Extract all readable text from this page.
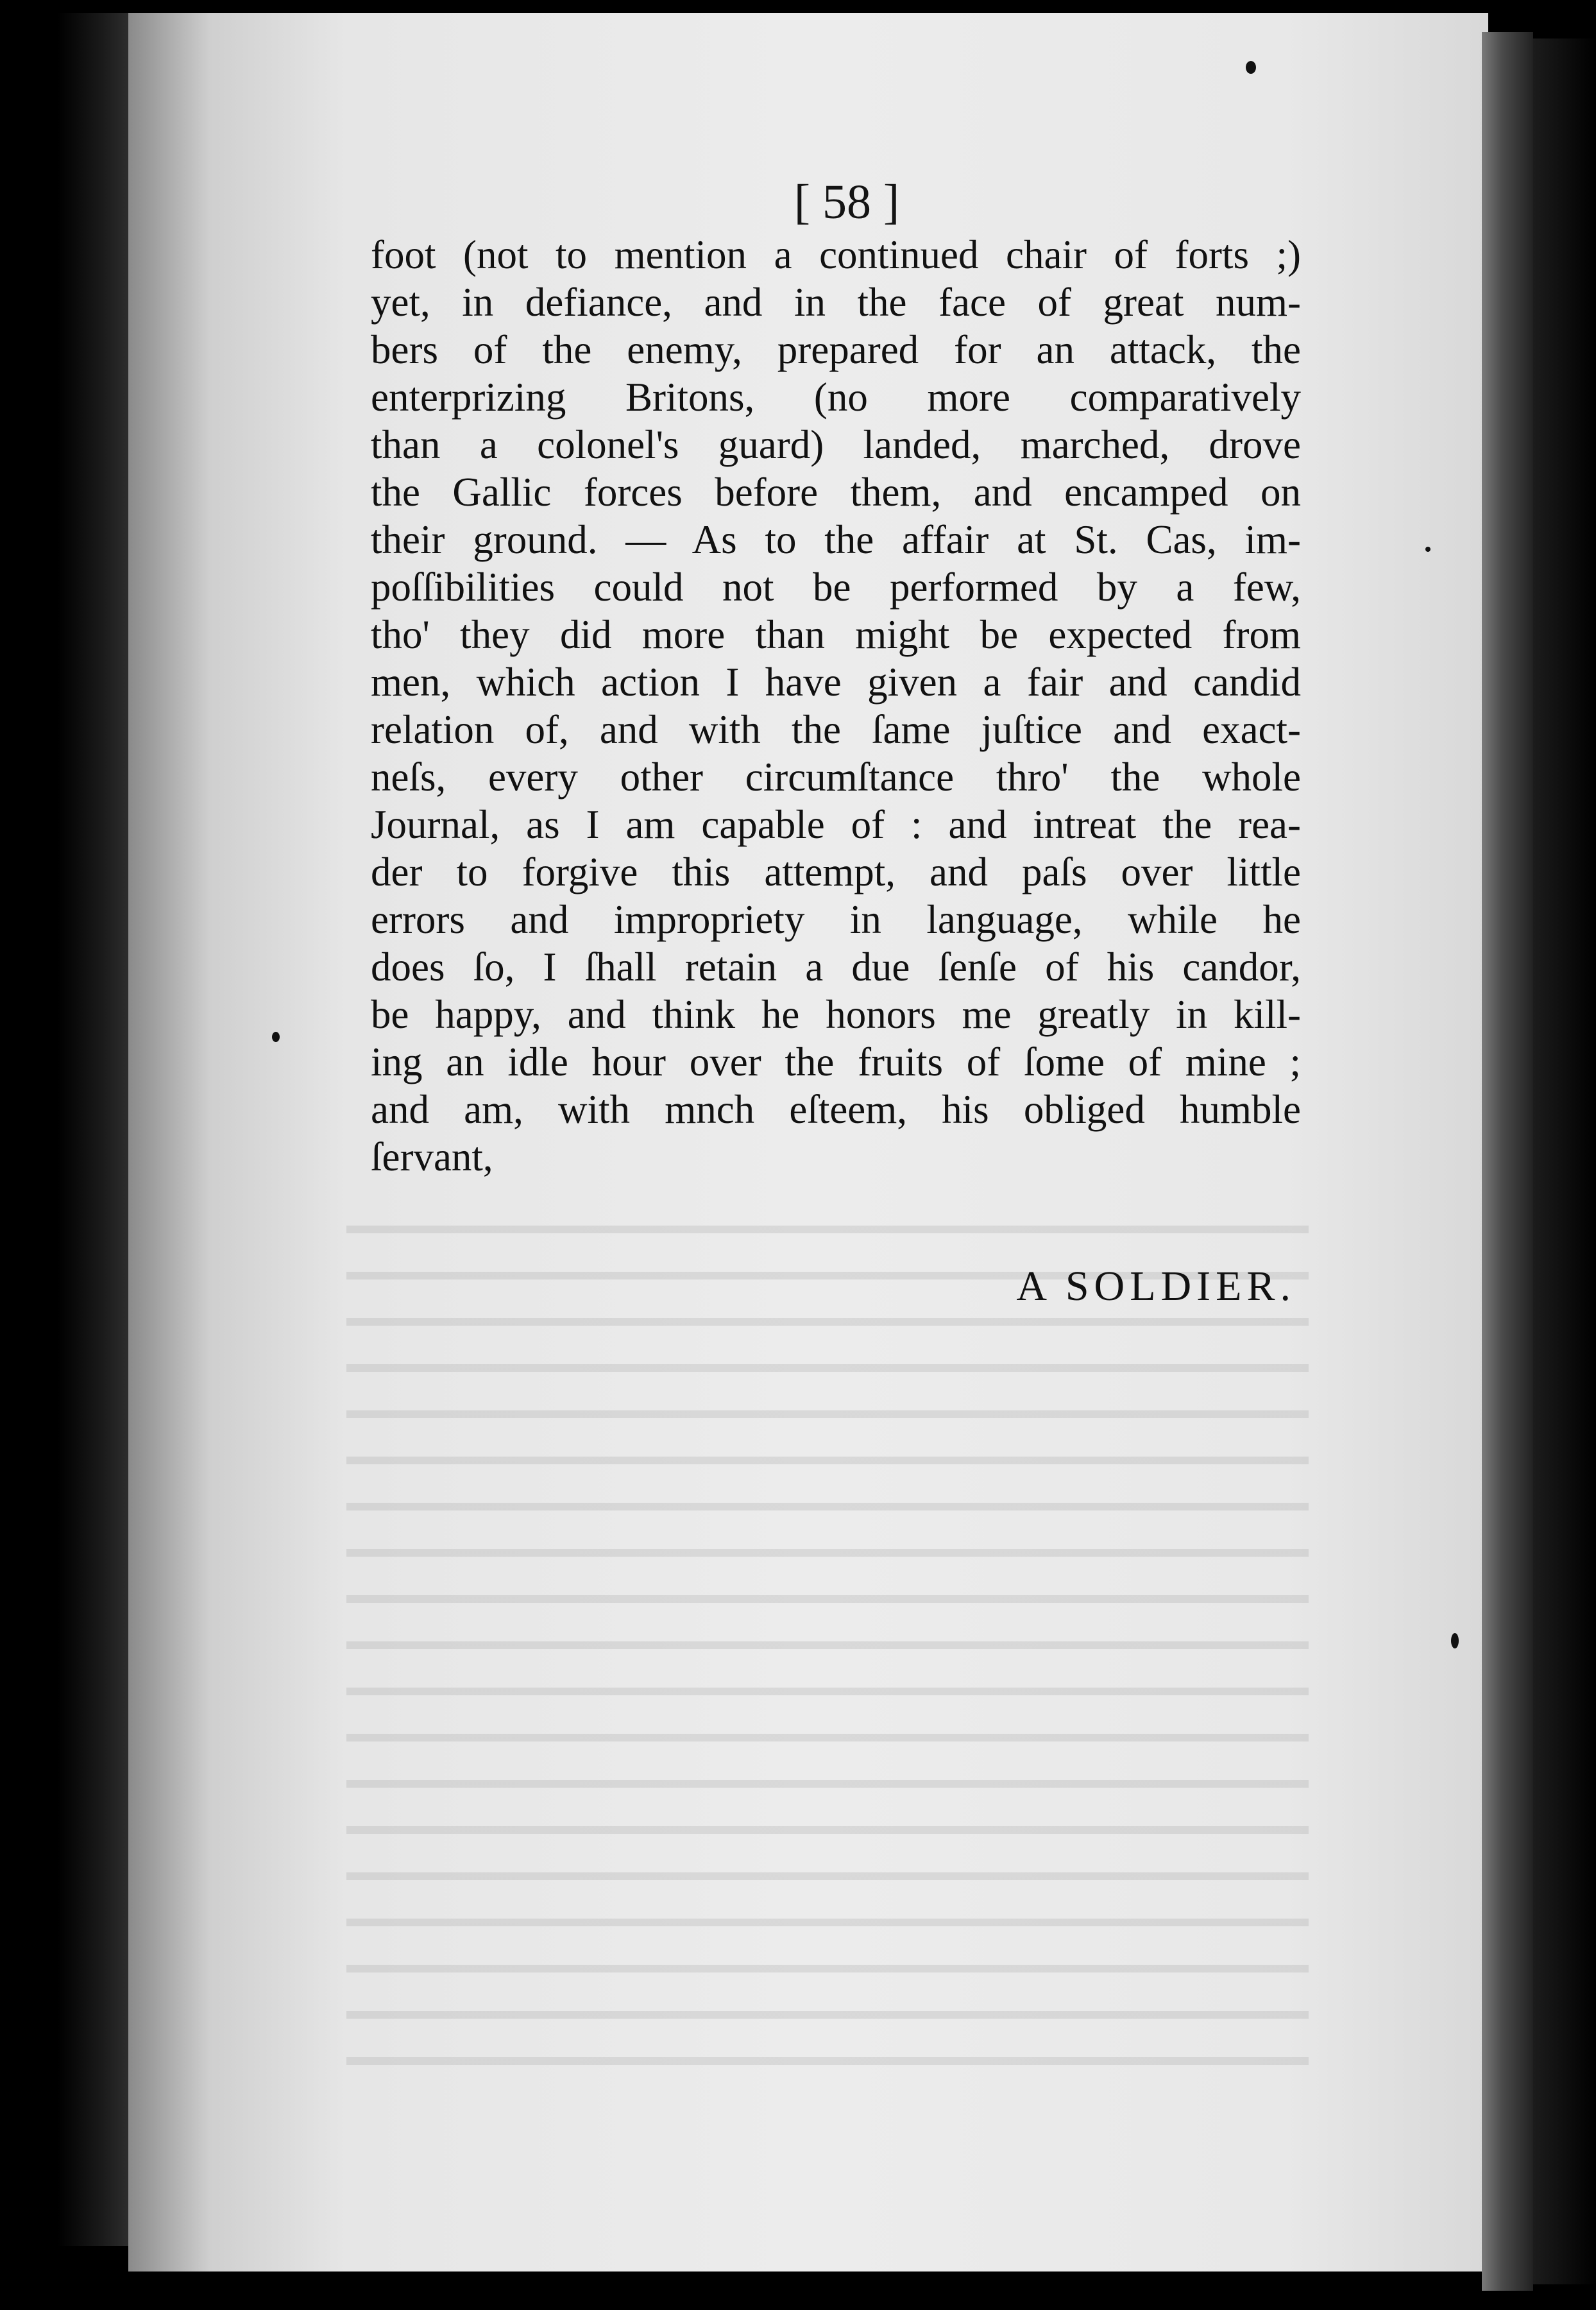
[ 58 ]
foot (not to mention a continued chair of forts ;)
yet, in defiance, and in the face of great num-
bers of the enemy, prepared for an attack, the
enterprizing Britons, (no more comparatively
than a colonel's guard) landed, marched, drove
the Gallic forces before them, and encamped on
their ground. — As to the affair at St. Cas, im-
poſſibilities could not be performed by a few,
tho' they did more than might be expected from
men, which action I have given a fair and candid
relation of, and with the ſame juſtice and exact-
neſs, every other circumſtance thro' the whole
Journal, as I am capable of : and intreat the rea-
der to forgive this attempt, and paſs over little
errors and impropriety in language, while he
does ſo, I ſhall retain a due ſenſe of his candor,
be happy, and think he honors me greatly in kill-
ing an idle hour over the fruits of ſome of mine ;
and am, with mnch eſteem, his obliged humble
ſervant,
A SOLDIER.
